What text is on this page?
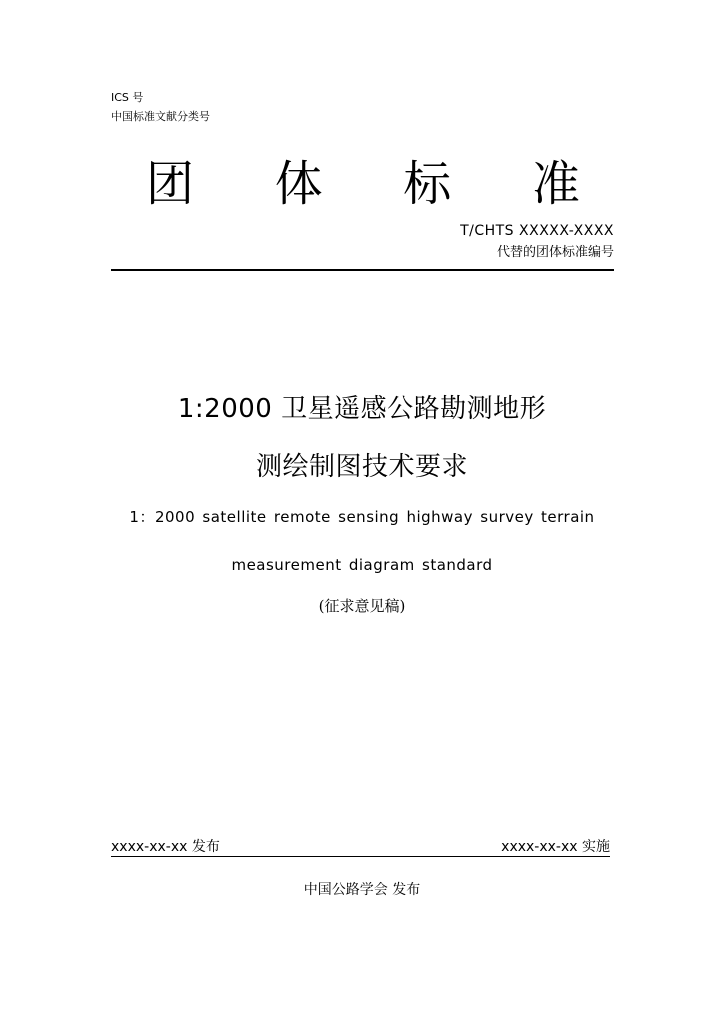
ICS 号
中国标准文献分类号
团 体 标 准
T/CHTS XXXXX-XXXX
代替的团体标准编号
1:2000 卫星遥感公路勘测地形
测绘制图技术要求
1：2000 satellite remote sensing highway survey terrain
measurement diagram standard
(征求意见稿)
xxxx-xx-xx 发布	xxxx-xx-xx 实施
中国公路学会 发布
